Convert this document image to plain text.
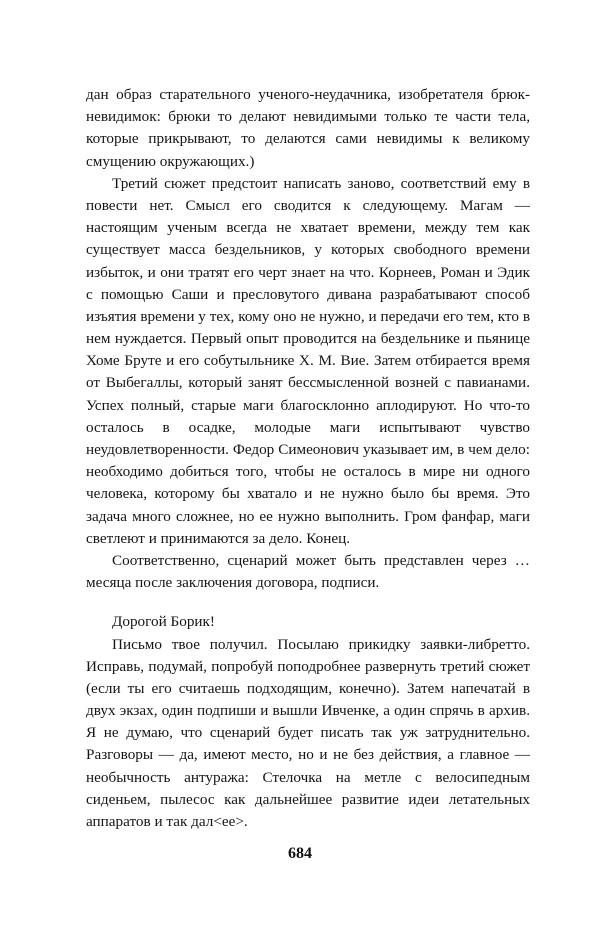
дан образ старательного ученого-неудачника, изобретателя брюк-невидимок: брюки то делают невидимыми только те части тела, которые прикрывают, то делаются сами невидимы к великому смущению окружающих.)

Третий сюжет предстоит написать заново, соответствий ему в повести нет. Смысл его сводится к следующему. Магам — настоящим ученым всегда не хватает времени, между тем как существует масса бездельников, у которых свободного времени избыток, и они тратят его черт знает на что. Корнеев, Роман и Эдик с помощью Саши и пресловутого дивана разрабатывают способ изъятия времени у тех, кому оно не нужно, и передачи его тем, кто в нем нуждается. Первый опыт проводится на бездельнике и пьянице Хоме Бруте и его собутыльнике Х. М. Вие. Затем отбирается время от Выбегаллы, который занят бессмысленной возней с павианами. Успех полный, старые маги благосклонно аплодируют. Но что-то осталось в осадке, молодые маги испытывают чувство неудовлетворенности. Федор Симеонович указывает им, в чем дело: необходимо добиться того, чтобы не осталось в мире ни одного человека, которому бы хватало и не нужно было бы время. Это задача много сложнее, но ее нужно выполнить. Гром фанфар, маги светлеют и принимаются за дело. Конец.

Соответственно, сценарий может быть представлен через … месяца после заключения договора, подписи.

Дорогой Борик!

Письмо твое получил. Посылаю прикидку заявки-либретто. Исправь, подумай, попробуй поподробнее развернуть третий сюжет (если ты его считаешь подходящим, конечно). Затем напечатай в двух экзах, один подпиши и вышли Ивченке, а один спрячь в архив. Я не думаю, что сценарий будет писать так уж затруднительно. Разговоры — да, имеют место, но и не без действия, а главное — необычность антуража: Стелочка на метле с велосипедным сиденьем, пылесос как дальнейшее развитие идеи летательных аппаратов и так дал<ее>.

684
